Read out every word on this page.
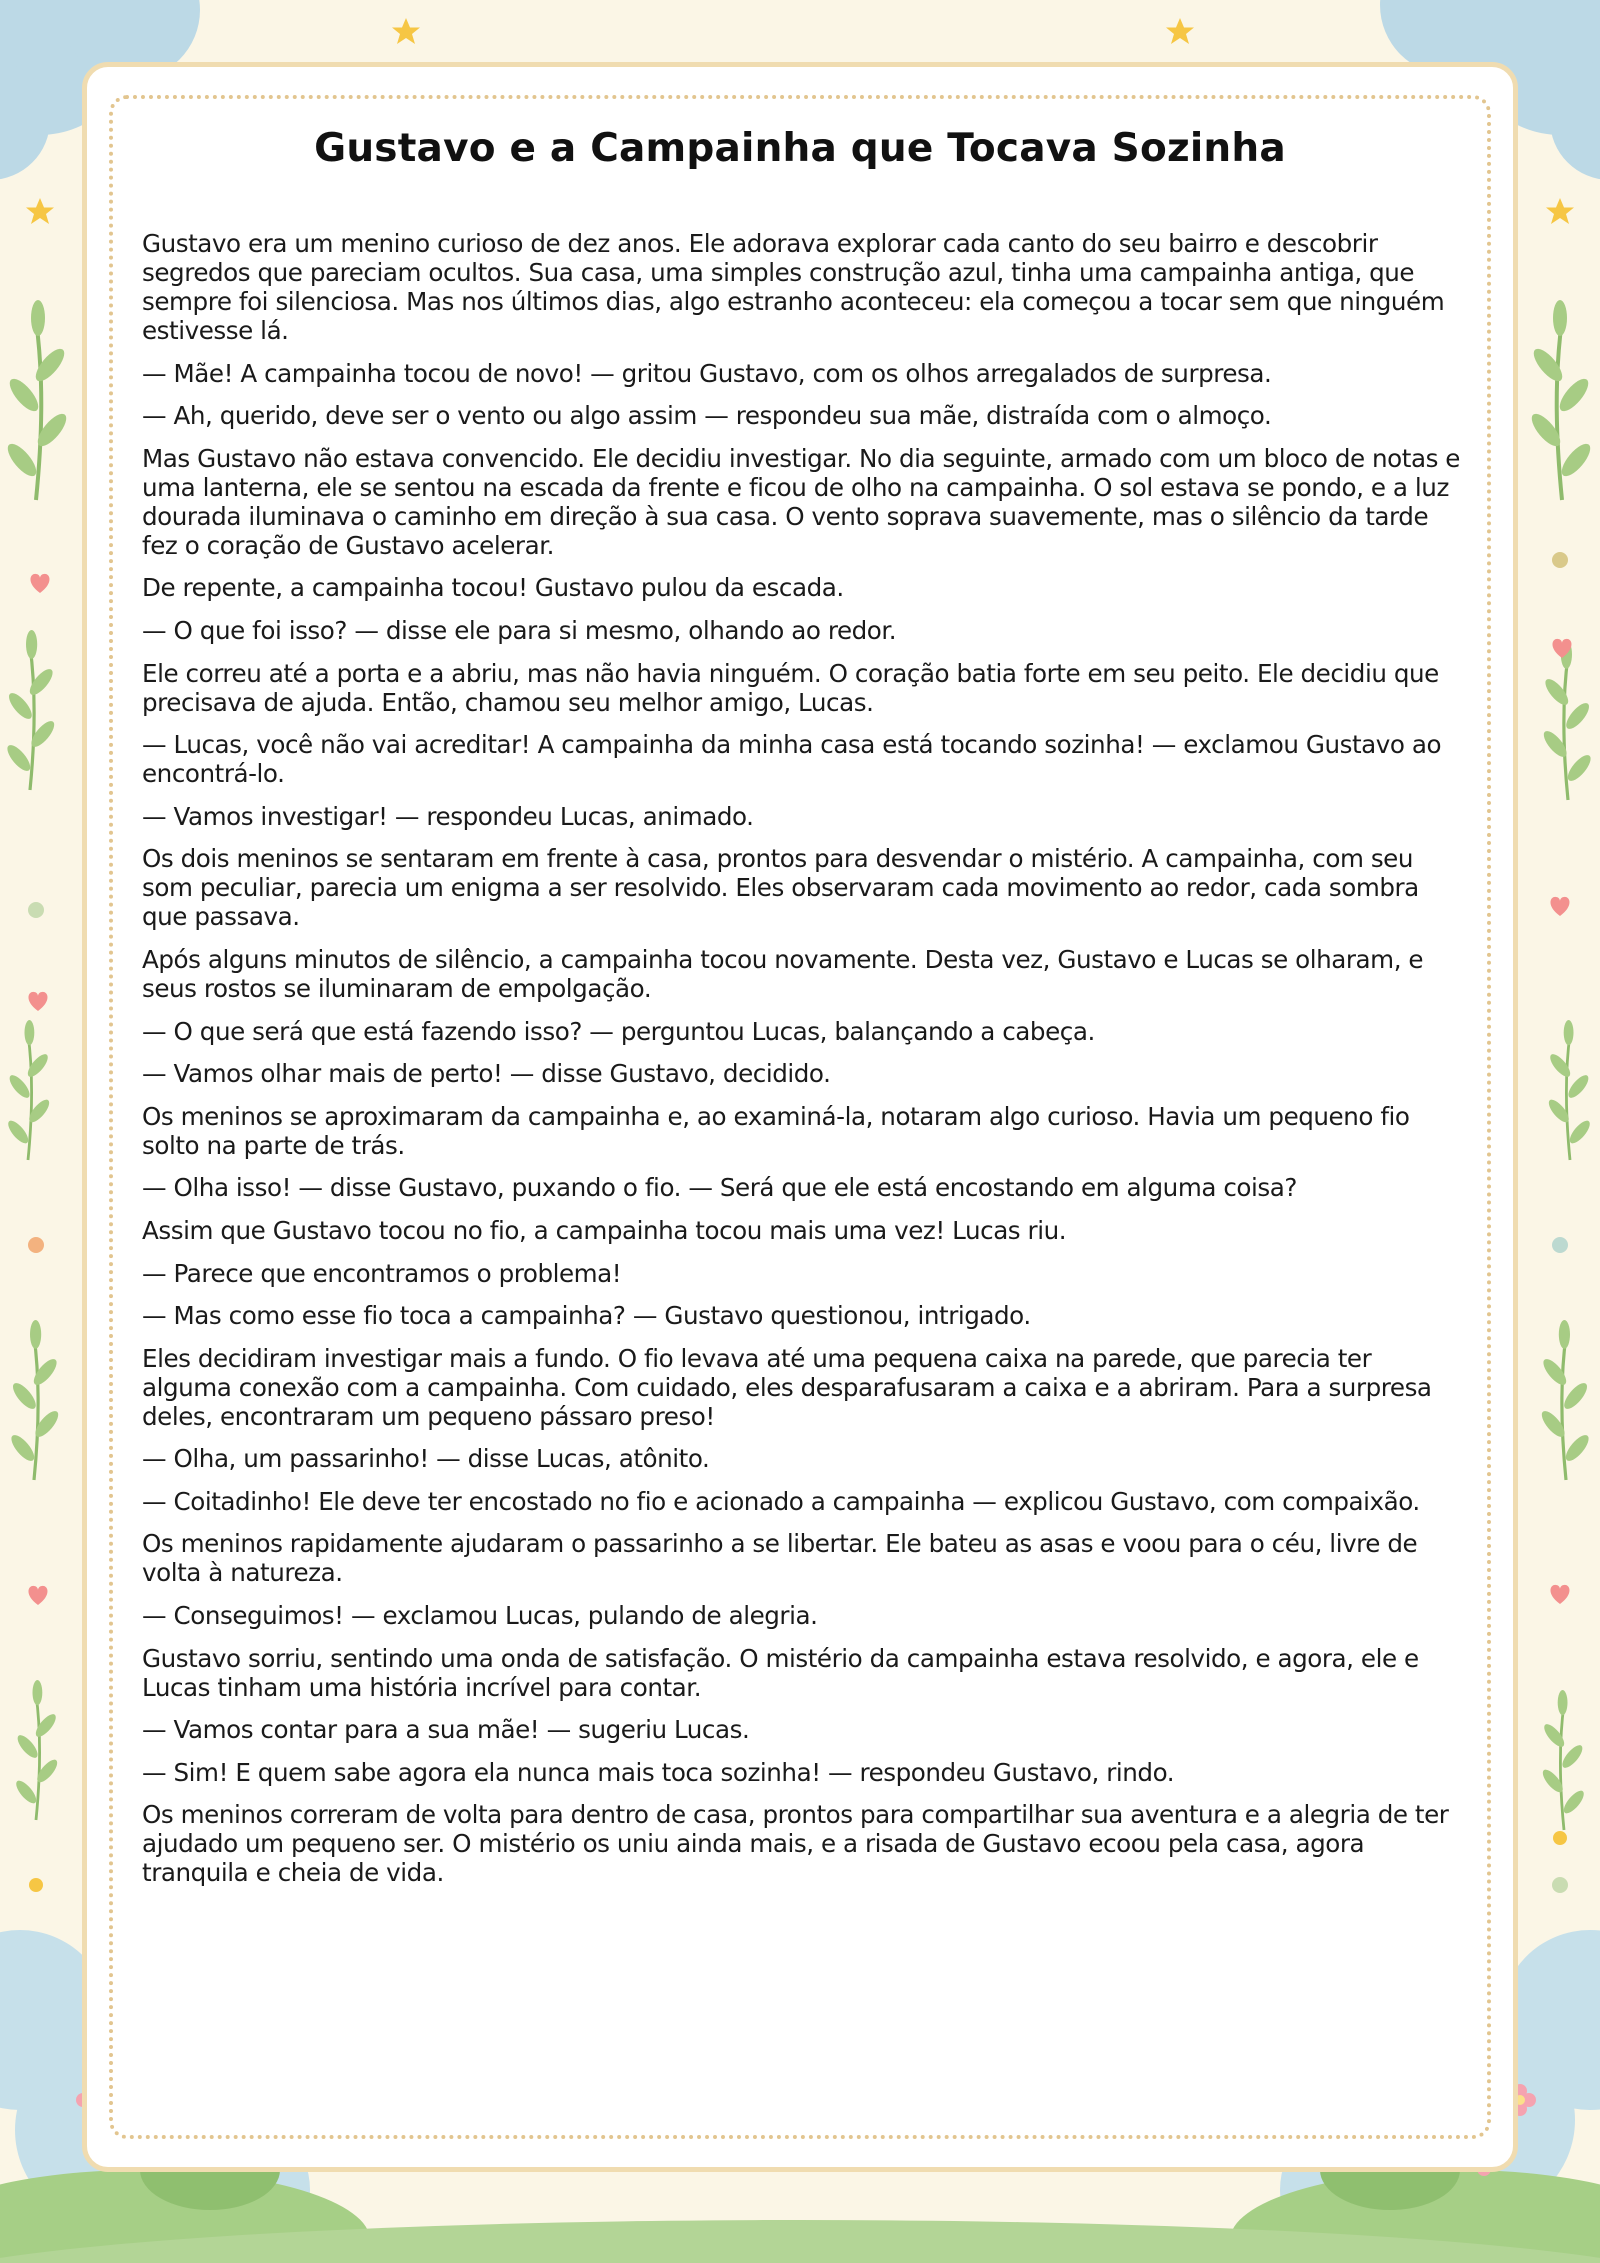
Gustavo e a Campainha que Tocava Sozinha

Gustavo era um menino curioso de dez anos. Ele adorava explorar cada canto do seu bairro e descobrir segredos que pareciam ocultos. Sua casa, uma simples construção azul, tinha uma campainha antiga, que sempre foi silenciosa. Mas nos últimos dias, algo estranho aconteceu: ela começou a tocar sem que ninguém estivesse lá.

— Mãe! A campainha tocou de novo! — gritou Gustavo, com os olhos arregalados de surpresa.

— Ah, querido, deve ser o vento ou algo assim — respondeu sua mãe, distraída com o almoço.

Mas Gustavo não estava convencido. Ele decidiu investigar. No dia seguinte, armado com um bloco de notas e uma lanterna, ele se sentou na escada da frente e ficou de olho na campainha. O sol estava se pondo, e a luz dourada iluminava o caminho em direção à sua casa. O vento soprava suavemente, mas o silêncio da tarde fez o coração de Gustavo acelerar.

De repente, a campainha tocou! Gustavo pulou da escada.

— O que foi isso? — disse ele para si mesmo, olhando ao redor.

Ele correu até a porta e a abriu, mas não havia ninguém. O coração batia forte em seu peito. Ele decidiu que precisava de ajuda. Então, chamou seu melhor amigo, Lucas.

— Lucas, você não vai acreditar! A campainha da minha casa está tocando sozinha! — exclamou Gustavo ao encontrá-lo.

— Vamos investigar! — respondeu Lucas, animado.

Os dois meninos se sentaram em frente à casa, prontos para desvendar o mistério. A campainha, com seu som peculiar, parecia um enigma a ser resolvido. Eles observaram cada movimento ao redor, cada sombra que passava.

Após alguns minutos de silêncio, a campainha tocou novamente. Desta vez, Gustavo e Lucas se olharam, e seus rostos se iluminaram de empolgação.

— O que será que está fazendo isso? — perguntou Lucas, balançando a cabeça.

— Vamos olhar mais de perto! — disse Gustavo, decidido.

Os meninos se aproximaram da campainha e, ao examiná-la, notaram algo curioso. Havia um pequeno fio solto na parte de trás.

— Olha isso! — disse Gustavo, puxando o fio. — Será que ele está encostando em alguma coisa?

Assim que Gustavo tocou no fio, a campainha tocou mais uma vez! Lucas riu.

— Parece que encontramos o problema!

— Mas como esse fio toca a campainha? — Gustavo questionou, intrigado.

Eles decidiram investigar mais a fundo. O fio levava até uma pequena caixa na parede, que parecia ter alguma conexão com a campainha. Com cuidado, eles desparafusaram a caixa e a abriram. Para a surpresa deles, encontraram um pequeno pássaro preso!

— Olha, um passarinho! — disse Lucas, atônito.

— Coitadinho! Ele deve ter encostado no fio e acionado a campainha — explicou Gustavo, com compaixão.

Os meninos rapidamente ajudaram o passarinho a se libertar. Ele bateu as asas e voou para o céu, livre de volta à natureza.

— Conseguimos! — exclamou Lucas, pulando de alegria.

Gustavo sorriu, sentindo uma onda de satisfação. O mistério da campainha estava resolvido, e agora, ele e Lucas tinham uma história incrível para contar.

— Vamos contar para a sua mãe! — sugeriu Lucas.

— Sim! E quem sabe agora ela nunca mais toca sozinha! — respondeu Gustavo, rindo.

Os meninos correram de volta para dentro de casa, prontos para compartilhar sua aventura e a alegria de ter ajudado um pequeno ser. O mistério os uniu ainda mais, e a risada de Gustavo ecoou pela casa, agora tranquila e cheia de vida.
